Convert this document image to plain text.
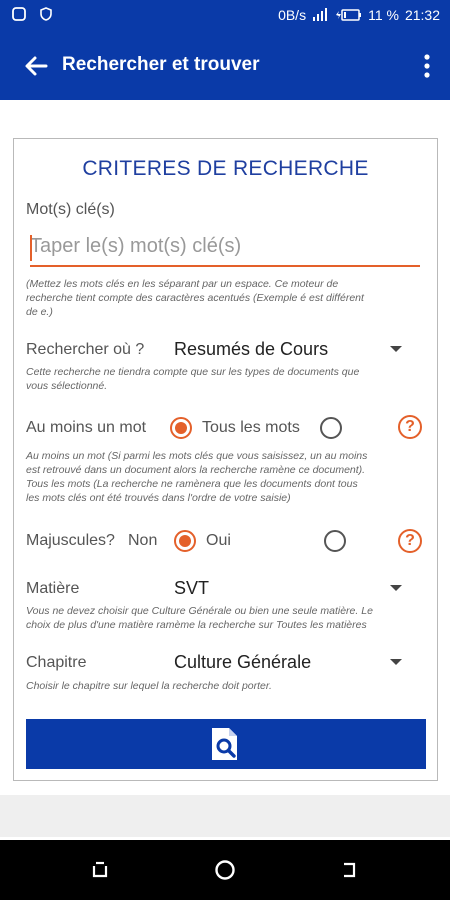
0B/s	11 % 21:32
Rechercher et trouver
CRITERES DE RECHERCHE
Mot(s) clé(s)
Taper le(s) mot(s) clé(s)
(Mettez les mots clés en les séparant par un espace. Ce moteur de
recherche tient compte des caractères acentués (Exemple é est différent
de e.)
Rechercher où ? Resumés de Cours
Cette recherche ne tiendra compte que sur les types de documents que
vous sélectionné.
Au moins un mot	Tous les mots	?
Au moins un mot (Si parmi les mots clés que vous saisissez, un au moins
est retrouvé dans un document alors la recherche ramène ce document).
Tous les mots (La recherche ne ramènera que les documents dont tous
les mots clés ont été trouvés dans l'ordre de votre saisie)
Majuscules? Non	Oui	?
Matière	SVT
Vous ne devez choisir que Culture Générale ou bien une seule matière. Le
choix de plus d'une matière ramème la recherche sur Toutes les matières
Chapitre	Culture Générale
Choisir le chapitre sur lequel la recherche doit porter.
